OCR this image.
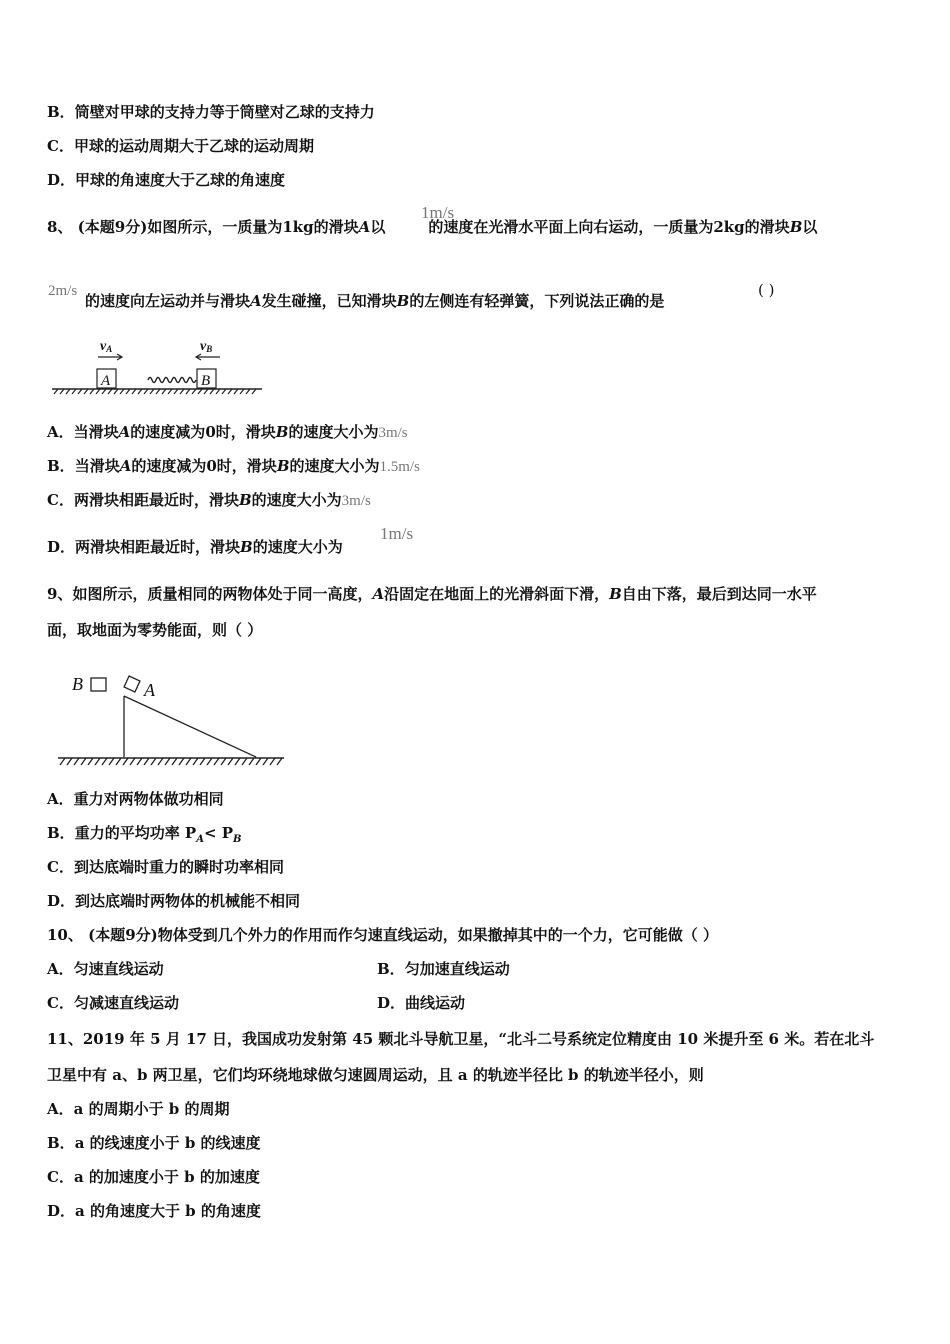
B．筒壁对甲球的支持力等于筒壁对乙球的支持力
C．甲球的运动周期大于乙球的运动周期
D．甲球的角速度大于乙球的角速度
8、 (本题9分)如图所示，一质量为1kg的滑块A以	的速度在光滑水平面上向右运动，一质量为2kg的滑块B以
1m/s
2m/s
的速度向左运动并与滑块A发生碰撞，已知滑块B的左侧连有轻弹簧，下列说法正确的是
( )
vA	vB
A	B
A．当滑块A的速度减为0时，滑块B的速度大小为3m/s
B．当滑块A的速度减为0时，滑块B的速度大小为1.5m/s
C．两滑块相距最近时，滑块B的速度大小为3m/s
D．两滑块相距最近时，滑块B的速度大小为
1m/s
9、如图所示，质量相同的两物体处于同一高度，A沿固定在地面上的光滑斜面下滑，B自由下落，最后到达同一水平
面，取地面为零势能面，则（ ）
B	A
A．重力对两物体做功相同
B．重力的平均功率 $P_A< P_B$
C．到达底端时重力的瞬时功率相同
D．到达底端时两物体的机械能不相同
10、 (本题9分)物体受到几个外力的作用而作匀速直线运动，如果撤掉其中的一个力，它可能做（ ）
A．匀速直线运动	B．匀加速直线运动
C．匀减速直线运动	D．曲线运动
11、2019 年 5 月 17 日，我国成功发射第 45 颗北斗导航卫星，“北斗二号系统定位精度由 10 米提升至 6 米。若在北斗
卫星中有 a、b 两卫星，它们均环绕地球做匀速圆周运动，且 a 的轨迹半径比 b 的轨迹半径小，则
A．a 的周期小于 b 的周期
B．a 的线速度小于 b 的线速度
C．a 的加速度小于 b 的加速度
D．a 的角速度大于 b 的角速度
